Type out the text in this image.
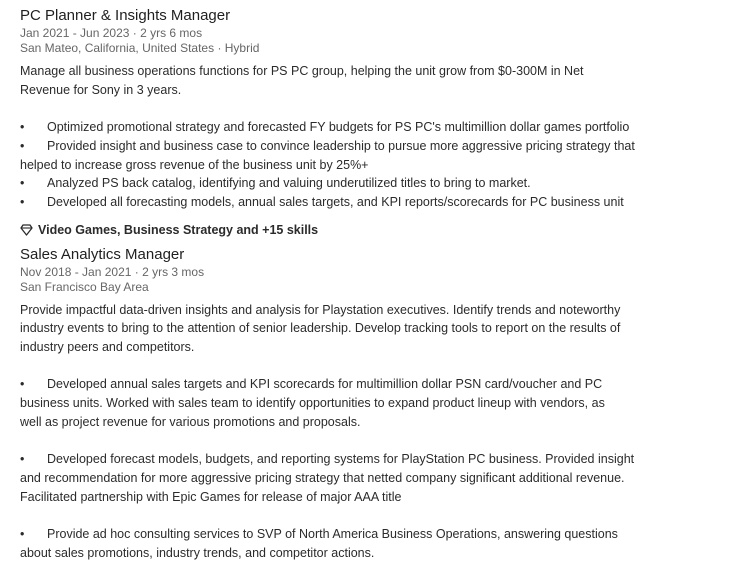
PC Planner & Insights Manager
Jan 2021 - Jun 2023 · 2 yrs 6 mos
San Mateo, California, United States · Hybrid
Manage all business operations functions for PS PC group, helping the unit grow from $0-300M in Net
Revenue for Sony in 3 years.
• Optimized promotional strategy and forecasted FY budgets for PS PC's multimillion dollar games portfolio
• Provided insight and business case to convince leadership to pursue more aggressive pricing strategy that
helped to increase gross revenue of the business unit by 25%+
• Analyzed PS back catalog, identifying and valuing underutilized titles to bring to market.
• Developed all forecasting models, annual sales targets, and KPI reports/scorecards for PC business unit
Video Games, Business Strategy and +15 skills
Sales Analytics Manager
Nov 2018 - Jan 2021 · 2 yrs 3 mos
San Francisco Bay Area
Provide impactful data-driven insights and analysis for Playstation executives. Identify trends and noteworthy
industry events to bring to the attention of senior leadership. Develop tracking tools to report on the results of
industry peers and competitors.
• Developed annual sales targets and KPI scorecards for multimillion dollar PSN card/voucher and PC
business units. Worked with sales team to identify opportunities to expand product lineup with vendors, as
well as project revenue for various promotions and proposals.
• Developed forecast models, budgets, and reporting systems for PlayStation PC business. Provided insight
and recommendation for more aggressive pricing strategy that netted company significant additional revenue.
Facilitated partnership with Epic Games for release of major AAA title
• Provide ad hoc consulting services to SVP of North America Business Operations, answering questions
about sales promotions, industry trends, and competitor actions.
